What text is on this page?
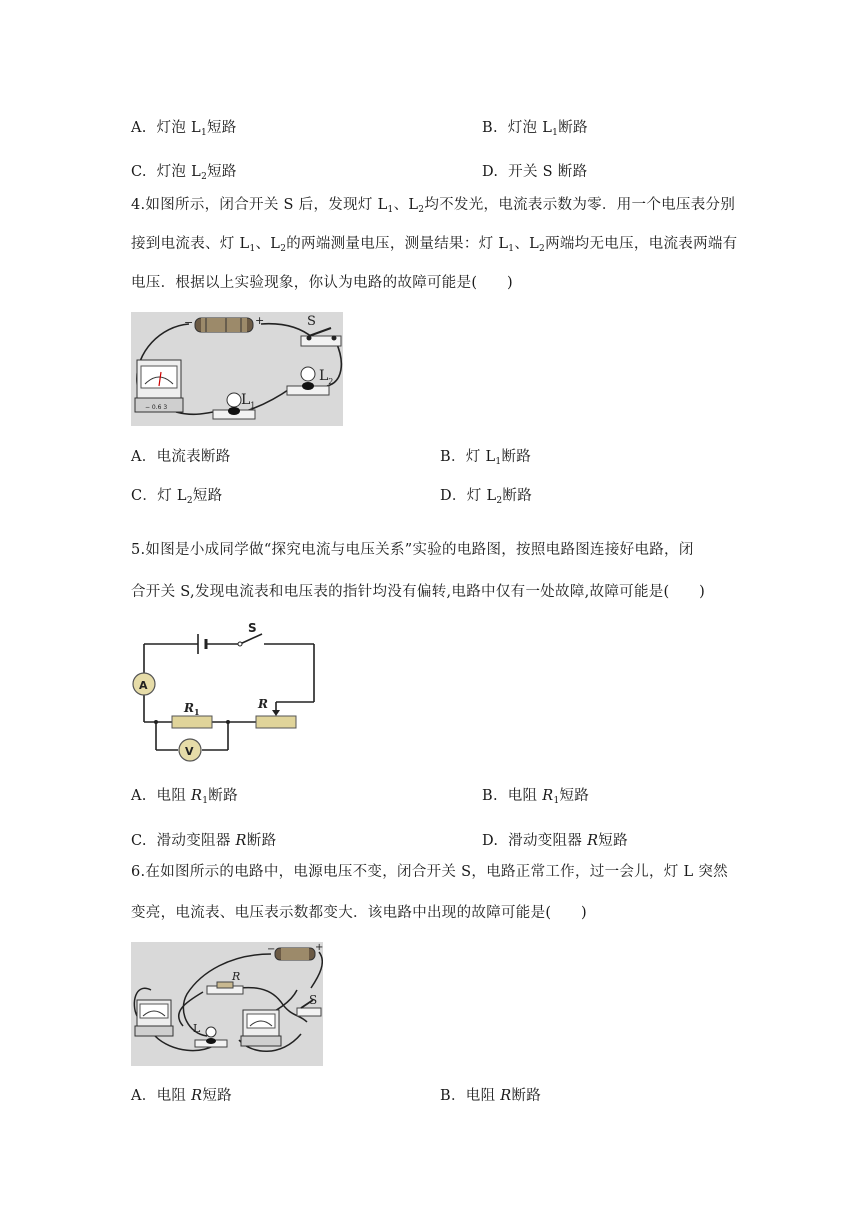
A. 灯泡 $L_1$短路	B. 灯泡 $L_1$断路
C. 灯泡 $L_2$短路	D. 开关 S 断路
4.如图所示，闭合开关 S 后，发现灯 $L_1$、$L_2$均不发光，电流表示数为零．用一个电压表分别
接到电流表、灯 $L_1$、$L_2$的两端测量电压，测量结果：灯 $L_1$、$L_2$两端均无电压，电流表两端有
电压．根据以上实验现象，你认为电路的故障可能是(　　)
−	+	S
− 0.6 3	$L_1$
$L_2$
A．电流表断路	B．灯 $L_1$断路
C．灯 $L_2$短路	D．灯 $L_2$断路
5.如图是小成同学做“探究电流与电压关系”实验的电路图，按照电路图连接好电路，闭
合开关 S,发现电流表和电压表的指针均没有偏转,电路中仅有一处故障,故障可能是(　　)
S
A
$R_1$
R
V
A. 电阻 $R_1$断路	B. 电阻 $R_1$短路
C. 滑动变阻器 R断路	D. 滑动变阻器 R短路
6.在如图所示的电路中，电源电压不变，闭合开关 S，电路正常工作，过一会儿，灯 L 突然
变亮，电流表、电压表示数都变大．该电路中出现的故障可能是(　　)
−	+
R
S
L
A．电阻 R短路	B．电阻 R断路
